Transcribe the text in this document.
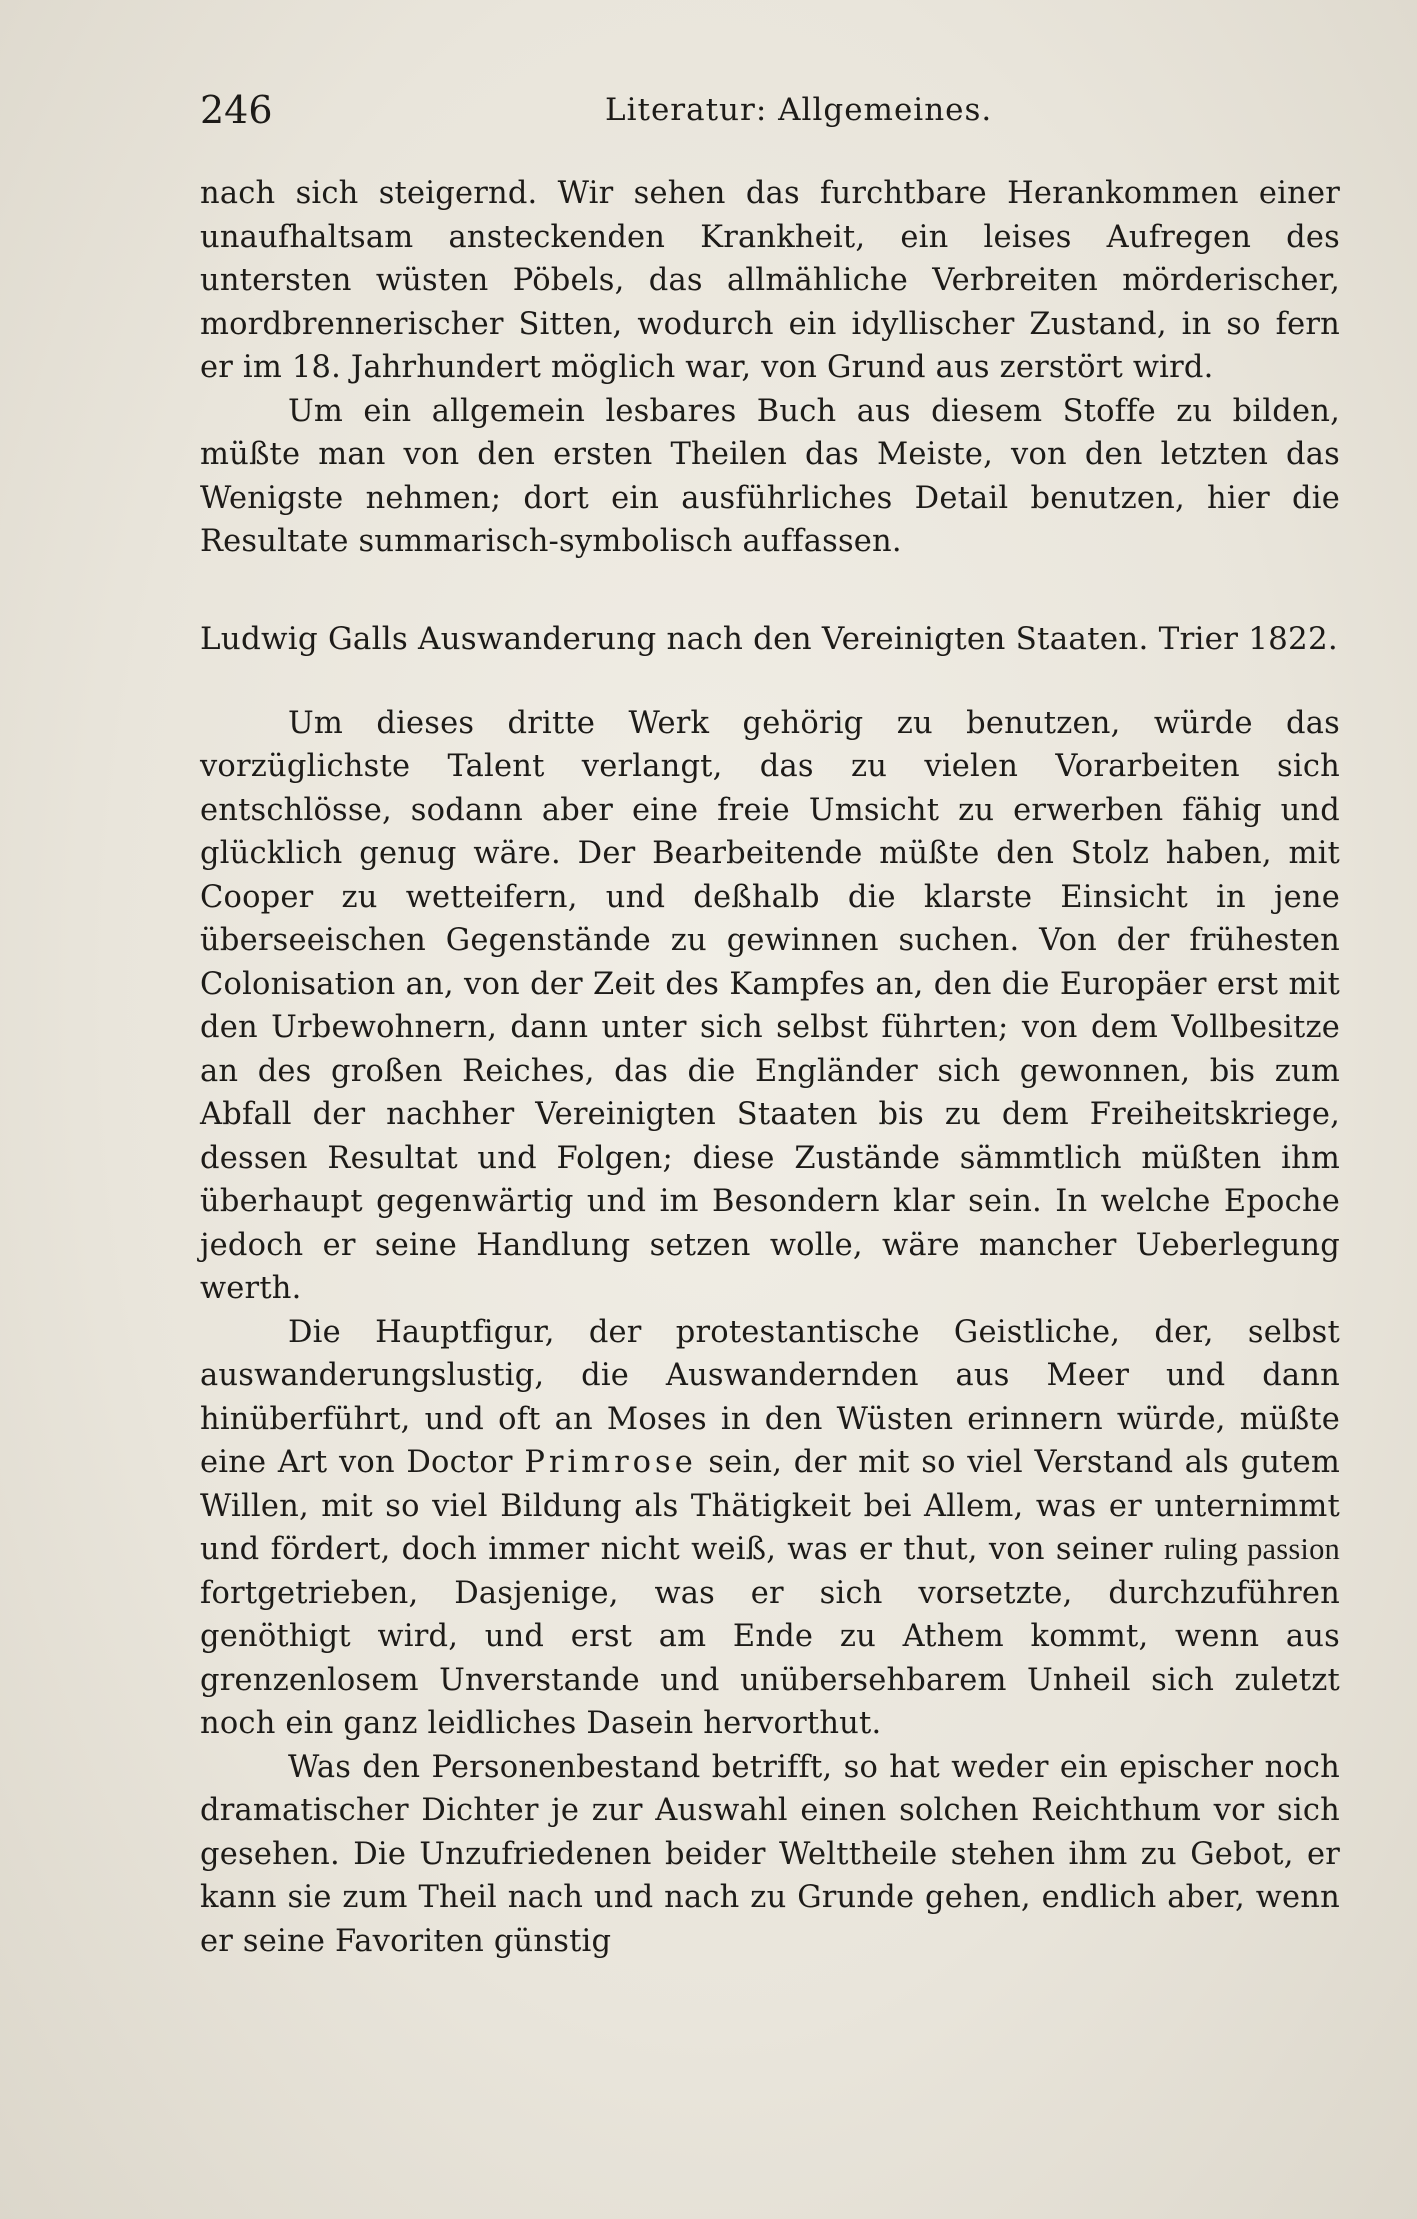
246	Literatur: Allgemeines.

nach sich steigernd. Wir sehen das furchtbare Herankommen einer unaufhaltsam ansteckenden Krankheit, ein leises Aufregen des untersten wüsten Pöbels, das allmähliche Verbreiten mörderischer, mordbrennerischer Sitten, wodurch ein idyllischer Zustand, in so fern er im 18. Jahrhundert möglich war, von Grund aus zerstört wird.

Um ein allgemein lesbares Buch aus diesem Stoffe zu bilden, müßte man von den ersten Theilen das Meiste, von den letzten das Wenigste nehmen; dort ein ausführliches Detail benutzen, hier die Resultate summarisch-symbolisch auffassen.

Ludwig Galls Auswanderung nach den Vereinigten Staaten. Trier 1822.

Um dieses dritte Werk gehörig zu benutzen, würde das vorzüglichste Talent verlangt, das zu vielen Vorarbeiten sich entschlösse, sodann aber eine freie Umsicht zu erwerben fähig und glücklich genug wäre. Der Bearbeitende müßte den Stolz haben, mit Cooper zu wetteifern, und deßhalb die klarste Einsicht in jene überseeischen Gegenstände zu gewinnen suchen. Von der frühesten Colonisation an, von der Zeit des Kampfes an, den die Europäer erst mit den Urbewohnern, dann unter sich selbst führten; von dem Vollbesitze an des großen Reiches, das die Engländer sich gewonnen, bis zum Abfall der nachher Vereinigten Staaten bis zu dem Freiheitskriege, dessen Resultat und Folgen; diese Zustände sämmtlich müßten ihm überhaupt gegenwärtig und im Besondern klar sein. In welche Epoche jedoch er seine Handlung setzen wolle, wäre mancher Ueberlegung werth.

Die Hauptfigur, der protestantische Geistliche, der, selbst auswanderungslustig, die Auswandernden aus Meer und dann hinüberführt, und oft an Moses in den Wüsten erinnern würde, müßte eine Art von Doctor Primrose sein, der mit so viel Verstand als gutem Willen, mit so viel Bildung als Thätigkeit bei Allem, was er unternimmt und fördert, doch immer nicht weiß, was er thut, von seiner ruling passion fortgetrieben, Dasjenige, was er sich vorsetzte, durchzuführen genöthigt wird, und erst am Ende zu Athem kommt, wenn aus grenzenlosem Unverstande und unübersehbarem Unheil sich zuletzt noch ein ganz leidliches Dasein hervorthut.

Was den Personenbestand betrifft, so hat weder ein epischer noch dramatischer Dichter je zur Auswahl einen solchen Reichthum vor sich gesehen. Die Unzufriedenen beider Welttheile stehen ihm zu Gebot, er kann sie zum Theil nach und nach zu Grunde gehen, endlich aber, wenn er seine Favoriten günstig
